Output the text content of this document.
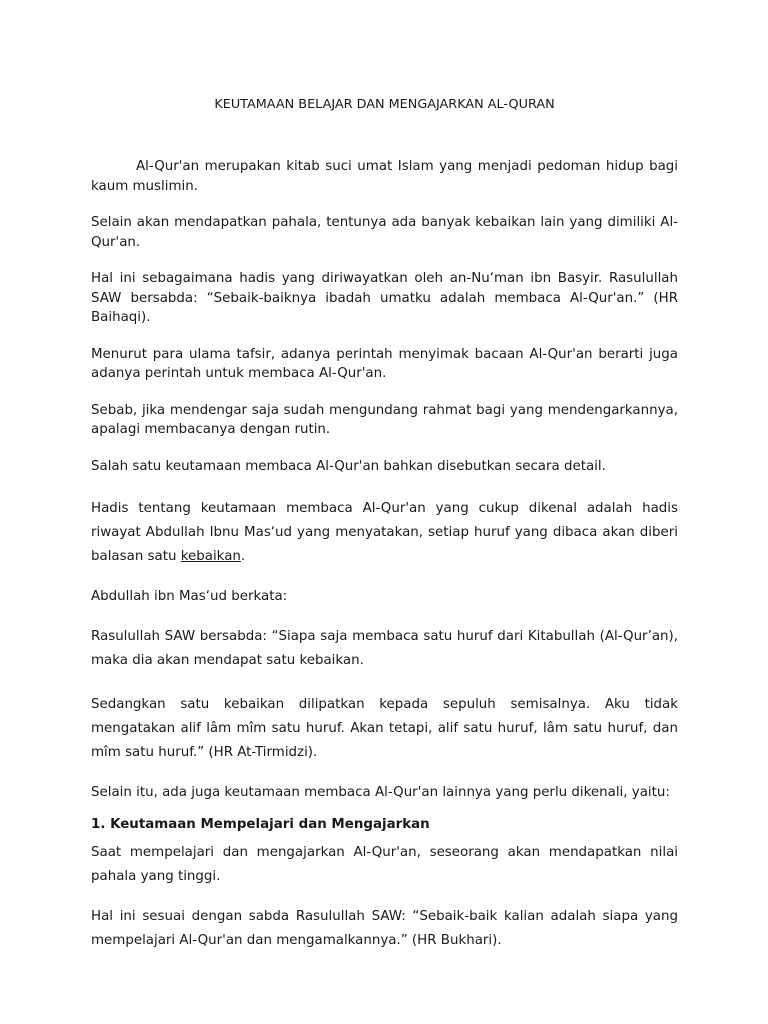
KEUTAMAAN BELAJAR DAN MENGAJARKAN AL-QURAN

Al-Qur'an merupakan kitab suci umat Islam yang menjadi pedoman hidup bagi kaum muslimin.

Selain akan mendapatkan pahala, tentunya ada banyak kebaikan lain yang dimiliki Al-Qur'an.

Hal ini sebagaimana hadis yang diriwayatkan oleh an-Nu‘man ibn Basyir. Rasulullah SAW bersabda: “Sebaik-baiknya ibadah umatku adalah membaca Al-Qur'an.” (HR Baihaqi).

Menurut para ulama tafsir, adanya perintah menyimak bacaan Al-Qur'an berarti juga adanya perintah untuk membaca Al-Qur'an.

Sebab, jika mendengar saja sudah mengundang rahmat bagi yang mendengarkannya, apalagi membacanya dengan rutin.

Salah satu keutamaan membaca Al-Qur'an bahkan disebutkan secara detail.

Hadis tentang keutamaan membaca Al-Qur'an yang cukup dikenal adalah hadis riwayat Abdullah Ibnu Mas‘ud yang menyatakan, setiap huruf yang dibaca akan diberi balasan satu kebaikan.

Abdullah ibn Mas‘ud berkata:

Rasulullah SAW bersabda: “Siapa saja membaca satu huruf dari Kitabullah (Al-Qur’an), maka dia akan mendapat satu kebaikan.

Sedangkan satu kebaikan dilipatkan kepada sepuluh semisalnya. Aku tidak mengatakan alif lâm mîm satu huruf. Akan tetapi, alif satu huruf, lâm satu huruf, dan mîm satu huruf.” (HR At-Tirmidzi).

Selain itu, ada juga keutamaan membaca Al-Qur'an lainnya yang perlu dikenali, yaitu:

1. Keutamaan Mempelajari dan Mengajarkan

Saat mempelajari dan mengajarkan Al-Qur'an, seseorang akan mendapatkan nilai pahala yang tinggi.

Hal ini sesuai dengan sabda Rasulullah SAW: “Sebaik-baik kalian adalah siapa yang mempelajari Al-Qur'an dan mengamalkannya.” (HR Bukhari).
